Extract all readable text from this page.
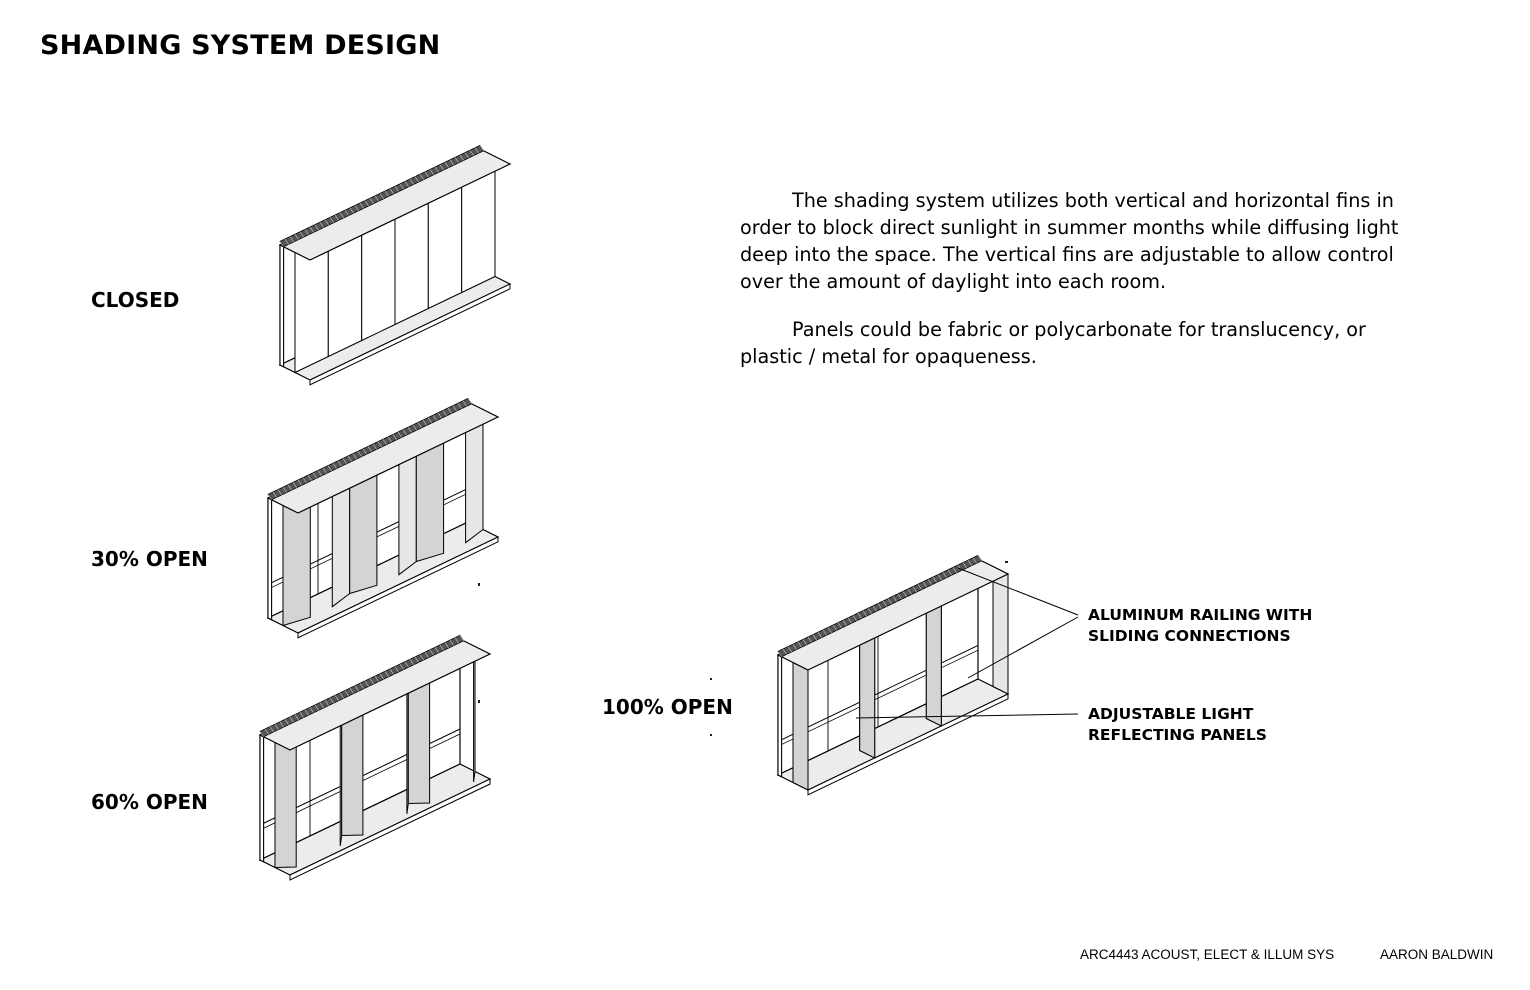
SHADING SYSTEM DESIGN
CLOSED
30% OPEN
60% OPEN
100% OPEN

The shading system utilizes both vertical and horizontal fins in order to block direct sunlight in summer months while diffusing light deep into the space. The vertical fins are adjustable to allow control over the amount of daylight into each room.

Panels could be fabric or polycarbonate for translucency, or plastic / metal for opaqueness.

ALUMINUM RAILING WITH
SLIDING CONNECTIONS
ADJUSTABLE LIGHT
REFLECTING PANELS
ARC4443 ACOUST, ELECT & ILLUM SYS	AARON BALDWIN
